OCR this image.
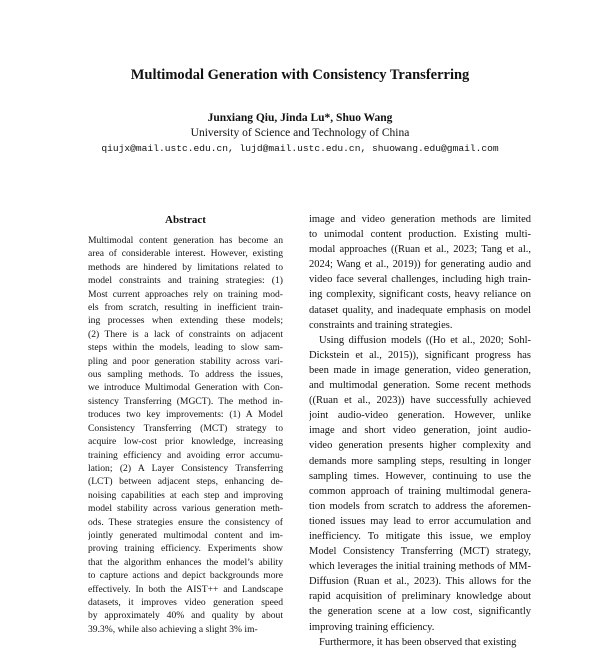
Multimodal Generation with Consistency Transferring
Junxiang Qiu, Jinda Lu*, Shuo Wang
University of Science and Technology of China
qiujx@mail.ustc.edu.cn, lujd@mail.ustc.edu.cn, shuowang.edu@gmail.com
Abstract
Multimodal content generation has become an
area of considerable interest. However, existing
methods are hindered by limitations related to
model constraints and training strategies: (1)
Most current approaches rely on training mod-
els from scratch, resulting in inefficient train-
ing processes when extending these models;
(2) There is a lack of constraints on adjacent
steps within the models, leading to slow sam-
pling and poor generation stability across vari-
ous sampling methods. To address the issues,
we introduce Multimodal Generation with Con-
sistency Transferring (MGCT). The method in-
troduces two key improvements: (1) A Model
Consistency Transferring (MCT) strategy to
acquire low-cost prior knowledge, increasing
training efficiency and avoiding error accumu-
lation; (2) A Layer Consistency Transferring
(LCT) between adjacent steps, enhancing de-
noising capabilities at each step and improving
model stability across various generation meth-
ods. These strategies ensure the consistency of
jointly generated multimodal content and im-
proving training efficiency. Experiments show
that the algorithm enhances the model’s ability
to capture actions and depict backgrounds more
effectively. In both the AIST++ and Landscape
datasets, it improves video generation speed
by approximately 40% and quality by about
39.3%, while also achieving a slight 3% im-
image and video generation methods are limited
to unimodal content production. Existing multi-
modal approaches ((Ruan et al., 2023; Tang et al.,
2024; Wang et al., 2019)) for generating audio and
video face several challenges, including high train-
ing complexity, significant costs, heavy reliance on
dataset quality, and inadequate emphasis on model
constraints and training strategies.
Using diffusion models ((Ho et al., 2020; Sohl-
Dickstein et al., 2015)), significant progress has
been made in image generation, video generation,
and multimodal generation. Some recent methods
((Ruan et al., 2023)) have successfully achieved
joint audio-video generation. However, unlike
image and short video generation, joint audio-
video generation presents higher complexity and
demands more sampling steps, resulting in longer
sampling times. However, continuing to use the
common approach of training multimodal genera-
tion models from scratch to address the aforemen-
tioned issues may lead to error accumulation and
inefficiency. To mitigate this issue, we employ
Model Consistency Transferring (MCT) strategy,
which leverages the initial training methods of MM-
Diffusion (Ruan et al., 2023). This allows for the
rapid acquisition of preliminary knowledge about
the generation scene at a low cost, significantly
improving training efficiency.
Furthermore, it has been observed that existing
